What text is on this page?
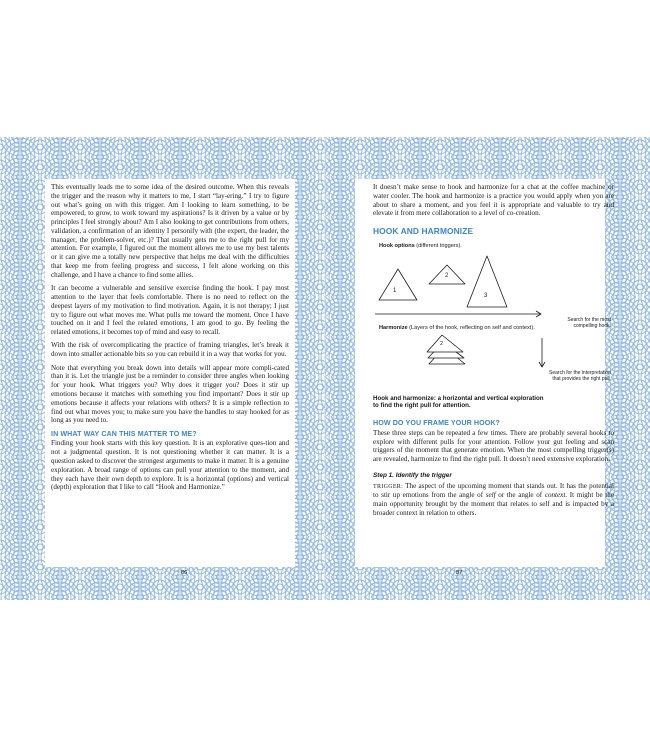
This eventually leads me to some idea of the desired outcome. When this reveals the trigger and the reason why it matters to me, I start “lay-ering.” I try to figure out what’s going on with this trigger. Am I looking to learn something, to be empowered, to grow, to work toward my aspirations? Is it driven by a value or by principles I feel strongly about? Am I also looking to get contributions from others, validation, a confirmation of an identity I personify with (the expert, the leader, the manager, the problem-solver, etc.)? That usually gets me to the right pull for my attention. For example, I figured out the moment allows me to use my best talents or it can give me a totally new perspective that helps me deal with the difficulties that keep me from feeling progress and success, I felt alone working on this challenge, and I have a chance to find some allies.

It can become a vulnerable and sensitive exercise finding the hook. I pay most attention to the layer that feels comfortable. There is no need to reflect on the deepest layers of my motivation to find motivation. Again, it is not therapy; I just try to figure out what moves me. What pulls me toward the moment. Once I have touched on it and I feel the related emotions, I am good to go. By feeling the related emotions, it becomes top of mind and easy to recall.

With the risk of overcomplicating the practice of framing triangles, let’s break it down into smaller actionable bits so you can rebuild it in a way that works for you.

Note that everything you break down into details will appear more compli-cated than it is. Let the triangle just be a reminder to consider three angles when looking for your hook. What triggers you? Why does it trigger you? Does it stir up emotions because it matches with something you find important? Does it stir up emotions because it affects your relations with others? It is a simple reflection to find out what moves you; to make sure you have the handles to stay hooked for as long as you need to.

IN WHAT WAY CAN THIS MATTER TO ME?

Finding your hook starts with this key question. It is an explorative ques-tion and not a judgmental question. It is not questioning whether it can matter. It is a question asked to discover the strongest arguments to make it matter. It is a genuine exploration. A broad range of options can pull your attention to the moment, and they each have their own depth to explore. It is a horizontal (options) and vertical (depth) exploration that I like to call “Hook and Harmonize.”

It doesn’t make sense to hook and harmonize for a chat at the coffee machine or water cooler. The hook and harmonize is a practice you would apply when you are about to share a moment, and you feel it is appropriate and valuable to try and elevate it from mere collaboration to a level of co-creation.

HOOK AND HARMONIZE
Hook options (different triggers).
1
2
3
Search for the most
compelling hook.
Harmonize (Layers of the hook, reflecting on self and context).
2
Search for the interpretation
that provides the right pull.
Hook and harmonize: a horizontal and vertical exploration
to find the right pull for attention.
HOW DO YOU FRAME YOUR HOOK?

These three steps can be repeated a few times. There are probably several hooks to explore with different pulls for your attention. Follow your gut feeling and scan triggers of the moment that generate emotion. When the most compelling trigger(s) are revealed, harmonize to find the right pull. It doesn’t need extensive exploration.

Step 1. Identify the trigger

TRIGGER: The aspect of the upcoming moment that stands out. It has the potential to stir up emotions from the angle of self or the angle of context. It might be the main opportunity brought by the moment that relates to self and is impacted by a broader context in relation to others.

86	87
